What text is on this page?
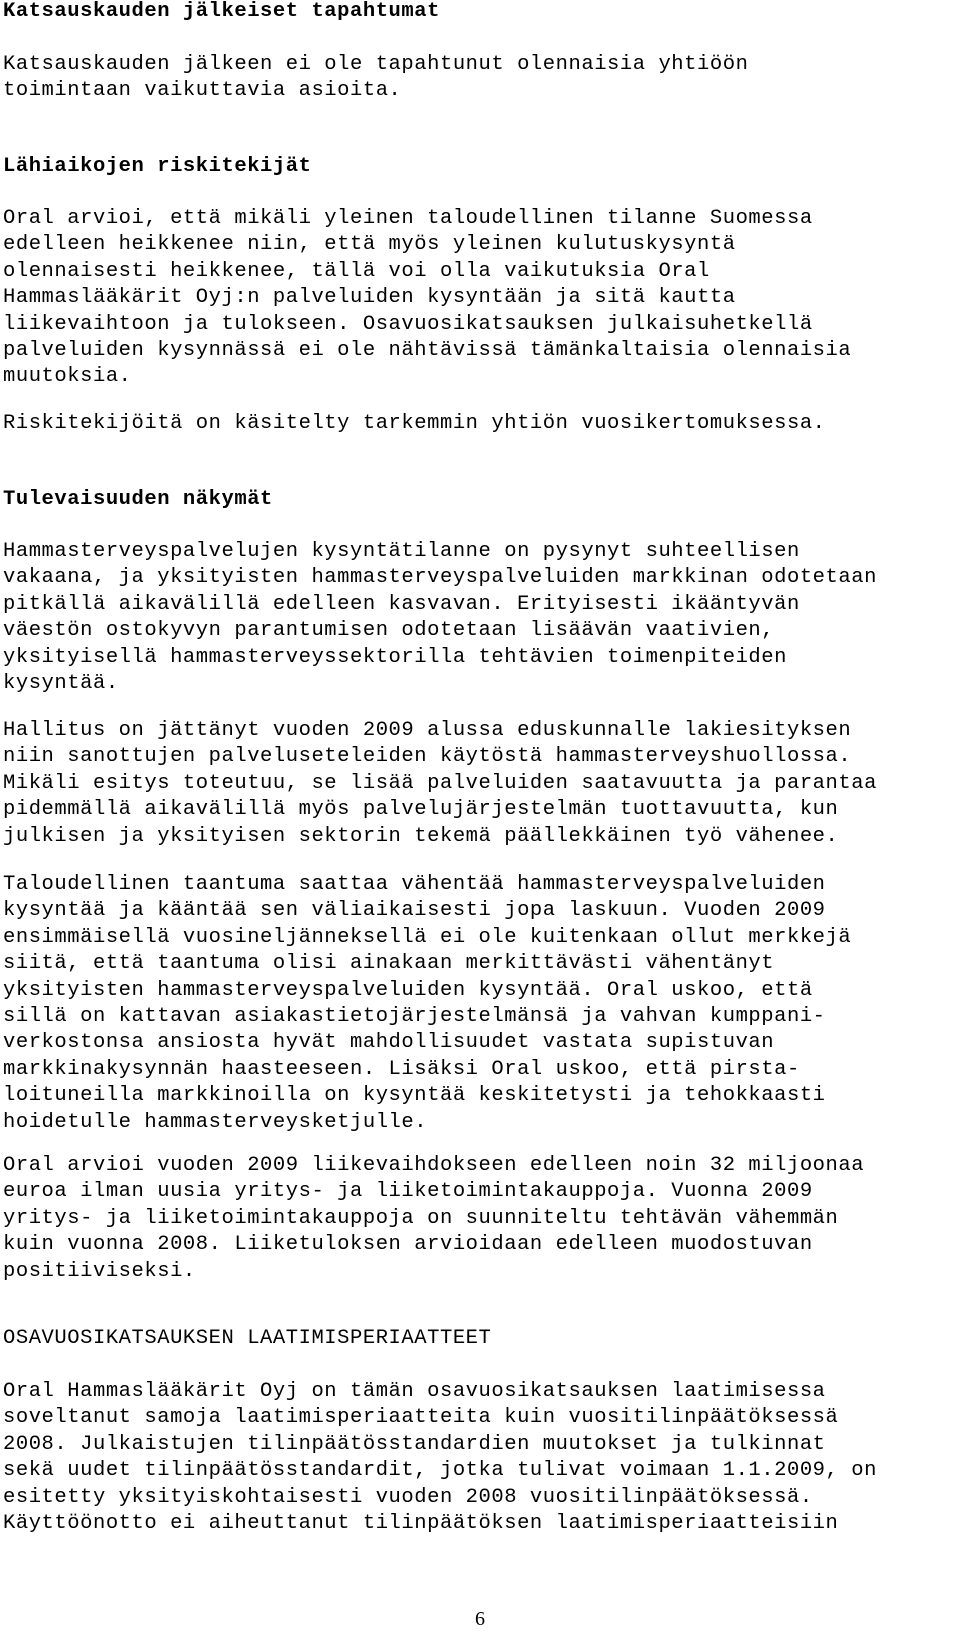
Katsauskauden jälkeiset tapahtumat
Katsauskauden jälkeen ei ole tapahtunut olennaisia yhtiöön
toimintaan vaikuttavia asioita.
Lähiaikojen riskitekijät
Oral arvioi, että mikäli yleinen taloudellinen tilanne Suomessa
edelleen heikkenee niin, että myös yleinen kulutuskysyntä
olennaisesti heikkenee, tällä voi olla vaikutuksia Oral
Hammaslääkärit Oyj:n palveluiden kysyntään ja sitä kautta
liikevaihtoon ja tulokseen. Osavuosikatsauksen julkaisuhetkellä
palveluiden kysynnässä ei ole nähtävissä tämänkaltaisia olennaisia
muutoksia.
Riskitekijöitä on käsitelty tarkemmin yhtiön vuosikertomuksessa.
Tulevaisuuden näkymät
Hammasterveyspalvelujen kysyntätilanne on pysynyt suhteellisen
vakaana, ja yksityisten hammasterveyspalveluiden markkinan odotetaan
pitkällä aikavälillä edelleen kasvavan. Erityisesti ikääntyvän
väestön ostokyvyn parantumisen odotetaan lisäävän vaativien,
yksityisellä hammasterveyssektorilla tehtävien toimenpiteiden
kysyntää.
Hallitus on jättänyt vuoden 2009 alussa eduskunnalle lakiesityksen
niin sanottujen palveluseteleiden käytöstä hammasterveyshuollossa.
Mikäli esitys toteutuu, se lisää palveluiden saatavuutta ja parantaa
pidemmällä aikavälillä myös palvelujärjestelmän tuottavuutta, kun
julkisen ja yksityisen sektorin tekemä päällekkäinen työ vähenee.
Taloudellinen taantuma saattaa vähentää hammasterveyspalveluiden
kysyntää ja kääntää sen väliaikaisesti jopa laskuun. Vuoden 2009
ensimmäisellä vuosineljänneksellä ei ole kuitenkaan ollut merkkejä
siitä, että taantuma olisi ainakaan merkittävästi vähentänyt
yksityisten hammasterveyspalveluiden kysyntää. Oral uskoo, että
sillä on kattavan asiakastietojärjestelmänsä ja vahvan kumppani-
verkostonsa ansiosta hyvät mahdollisuudet vastata supistuvan
markkinakysynnän haasteeseen. Lisäksi Oral uskoo, että pirsta-
loituneilla markkinoilla on kysyntää keskitetysti ja tehokkaasti
hoidetulle hammasterveysketjulle.
Oral arvioi vuoden 2009 liikevaihdokseen edelleen noin 32 miljoonaa
euroa ilman uusia yritys- ja liiketoimintakauppoja. Vuonna 2009
yritys- ja liiketoimintakauppoja on suunniteltu tehtävän vähemmän
kuin vuonna 2008. Liiketuloksen arvioidaan edelleen muodostuvan
positiiviseksi.
OSAVUOSIKATSAUKSEN LAATIMISPERIAATTEET
Oral Hammaslääkärit Oyj on tämän osavuosikatsauksen laatimisessa
soveltanut samoja laatimisperiaatteita kuin vuositilinpäätöksessä
2008. Julkaistujen tilinpäätösstandardien muutokset ja tulkinnat
sekä uudet tilinpäätösstandardit, jotka tulivat voimaan 1.1.2009, on
esitetty yksityiskohtaisesti vuoden 2008 vuositilinpäätöksessä.
Käyttöönotto ei aiheuttanut tilinpäätöksen laatimisperiaatteisiin
6
